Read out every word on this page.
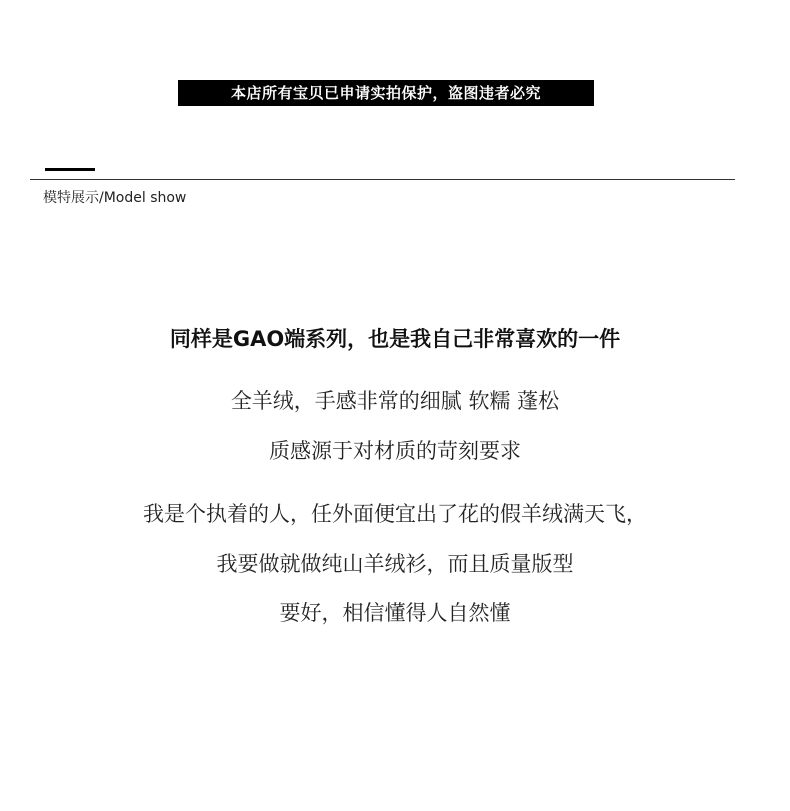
本店所有宝贝已申请实拍保护，盗图违者必究
模特展示/Model show
同样是GAO端系列，也是我自己非常喜欢的一件
全羊绒，手感非常的细腻 软糯 蓬松
质感源于对材质的苛刻要求
我是个执着的人，任外面便宜出了花的假羊绒满天飞，
我要做就做纯山羊绒衫，而且质量版型
要好，相信懂得人自然懂
